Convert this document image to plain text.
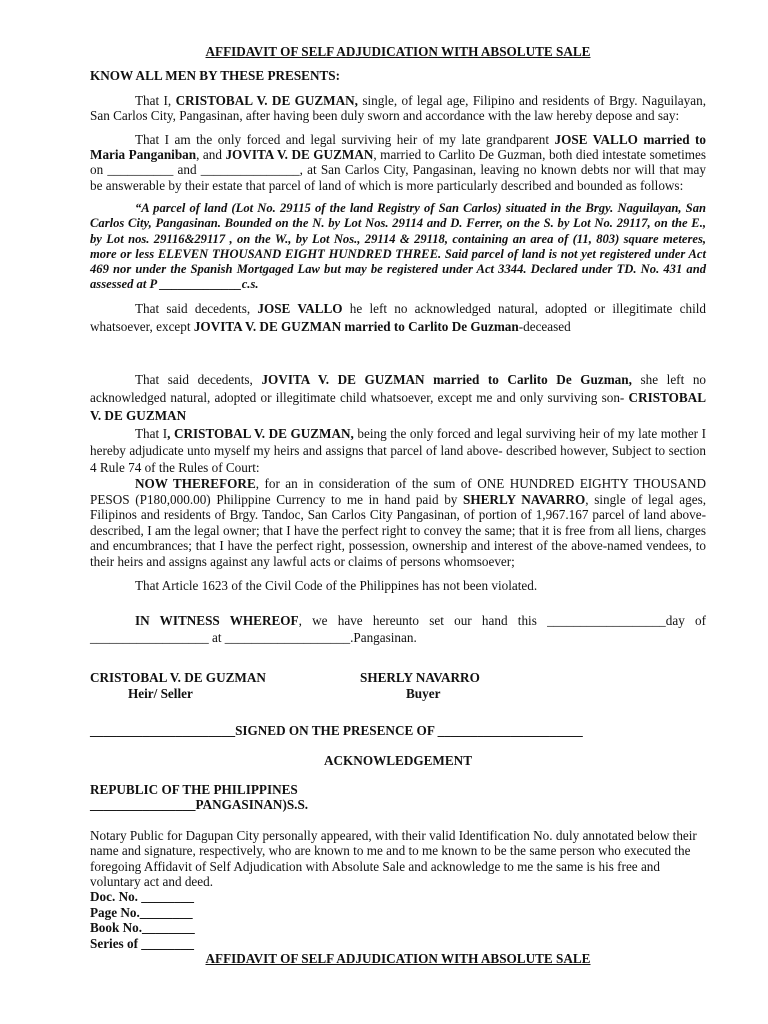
AFFIDAVIT OF SELF ADJUDICATION WITH ABSOLUTE SALE

KNOW ALL MEN BY THESE PRESENTS:

That I, CRISTOBAL V. DE GUZMAN, single, of legal age, Filipino and residents of Brgy. Naguilayan, San Carlos City, Pangasinan, after having been duly sworn and accordance with the law hereby depose and say:

That I am the only forced and legal surviving heir of my late grandparent JOSE VALLO married to Maria Panganiban, and JOVITA V. DE GUZMAN, married to Carlito De Guzman, both died intestate sometimes on __________ and _______________, at San Carlos City, Pangasinan, leaving no known debts nor will that may be answerable by their estate that parcel of land of which is more particularly described and bounded as follows:

“A parcel of land (Lot No. 29115 of the land Registry of San Carlos) situated in the Brgy. Naguilayan, San Carlos City, Pangasinan. Bounded on the N. by Lot Nos. 29114 and D. Ferrer, on the S. by Lot No. 29117, on the E., by Lot nos. 29116&29117 , on the W., by Lot Nos., 29114 & 29118, containing an area of (11, 803) square meteres, more or less ELEVEN THOUSAND EIGHT HUNDRED THREE. Said parcel of land is not yet registered under Act 469 nor under the Spanish Mortgaged Law but may be registered under Act 3344. Declared under TD. No. 431 and assessed at P _____________c.s.

That said decedents, JOSE VALLO he left no acknowledged natural, adopted or illegitimate child whatsoever, except JOVITA V. DE GUZMAN married to Carlito De Guzman-deceased

That said decedents, JOVITA V. DE GUZMAN married to Carlito De Guzman, she left no acknowledged natural, adopted or illegitimate child whatsoever, except me and only surviving son- CRISTOBAL V. DE GUZMAN

That I, CRISTOBAL V. DE GUZMAN, being the only forced and legal surviving heir of my late mother I hereby adjudicate unto myself my heirs and assigns that parcel of land above- described however, Subject to section 4 Rule 74 of the Rules of Court:

NOW THEREFORE, for an in consideration of the sum of ONE HUNDRED EIGHTY THOUSAND PESOS (P180,000.00) Philippine Currency to me in hand paid by SHERLY NAVARRO, single of legal ages, Filipinos and residents of Brgy. Tandoc, San Carlos City Pangasinan, of portion of 1,967.167 parcel of land above-described, I am the legal owner; that I have the perfect right to convey the same; that it is free from all liens, charges and encumbrances; that I have the perfect right, possession, ownership and interest of the above-named vendees, to their heirs and assigns against any lawful acts or claims of persons whomsoever;

That Article 1623 of the Civil Code of the Philippines has not been violated.

IN WITNESS WHEREOF, we have hereunto set our hand this __________________day of __________________ at ___________________.Pangasinan.

CRISTOBAL V. DE GUZMAN
Heir/ Seller
SHERLY NAVARRO
Buyer

______________________SIGNED ON THE PRESENCE OF ______________________

ACKNOWLEDGEMENT

REPUBLIC OF THE PHILIPPINES

________________PANGASINAN)S.S.

Notary Public for Dagupan City personally appeared, with their valid Identification No. duly annotated below their name and signature, respectively, who are known to me and to me known to be the same person who executed the foregoing Affidavit of Self Adjudication with Absolute Sale and acknowledge to me the same is his free and voluntary act and deed.

Doc. No. ________

Page No.________

Book No.________

Series of ________

AFFIDAVIT OF SELF ADJUDICATION WITH ABSOLUTE SALE
